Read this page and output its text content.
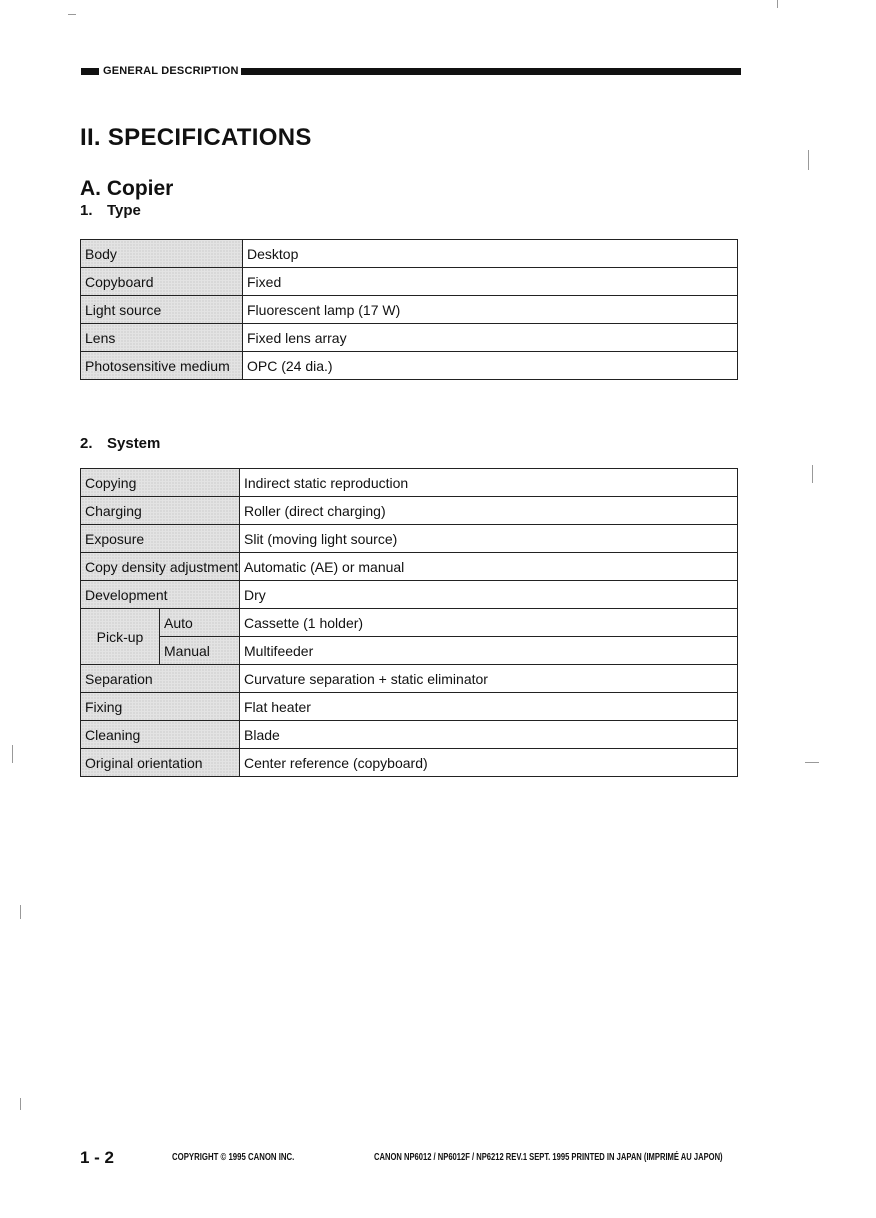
GENERAL DESCRIPTION
II. SPECIFICATIONS
A. Copier
1. Type
Body	Desktop
Copyboard	Fixed
Light source	Fluorescent lamp (17 W)
Lens	Fixed lens array
Photosensitive medium	OPC (24 dia.)
2. System
Copying		Indirect static reproduction
Charging		Roller (direct charging)
Exposure		Slit (moving light source)
Copy density adjustment		Automatic (AE) or manual
Development		Dry
Pick-up	Auto	Cassette (1 holder)
	Manual	Multifeeder
Separation		Curvature separation + static eliminator
Fixing		Flat heater
Cleaning		Blade
Original orientation		Center reference (copyboard)
1 - 2	COPYRIGHT © 1995 CANON INC.	CANON NP6012 / NP6012F / NP6212 REV.1 SEPT. 1995 PRINTED IN JAPAN (IMPRIMÉ AU JAPON)
